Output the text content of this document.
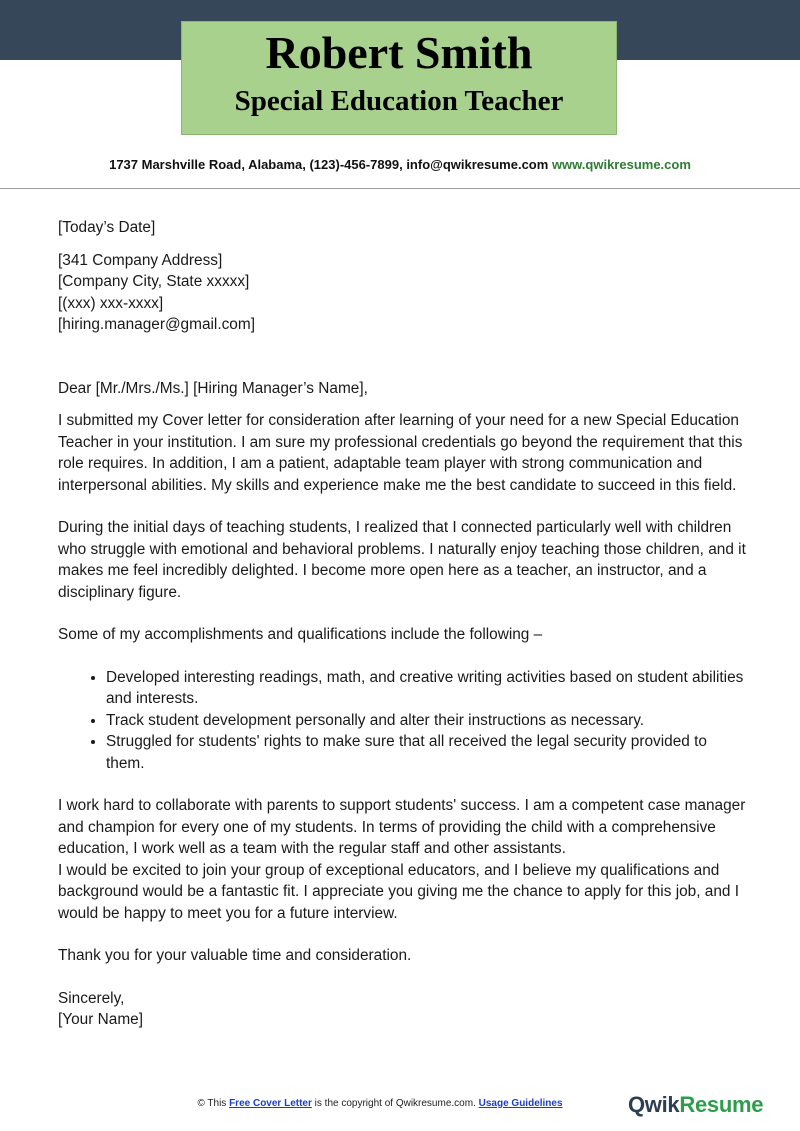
Robert Smith
Special Education Teacher
1737 Marshville Road, Alabama, (123)-456-7899, info@qwikresume.com www.qwikresume.com

[Today’s Date]

[341 Company Address]

[Company City, State xxxxx]

[(xxx) xxx-xxxx]

[hiring.manager@gmail.com]

Dear [Mr./Mrs./Ms.] [Hiring Manager’s Name],

I submitted my Cover letter for consideration after learning of your need for a new Special Education Teacher in your institution. I am sure my professional credentials go beyond the requirement that this role requires. In addition, I am a patient, adaptable team player with strong communication and interpersonal abilities. My skills and experience make me the best candidate to succeed in this field.

During the initial days of teaching students, I realized that I connected particularly well with children who struggle with emotional and behavioral problems. I naturally enjoy teaching those children, and it makes me feel incredibly delighted. I become more open here as a teacher, an instructor, and a disciplinary figure.

Some of my accomplishments and qualifications include the following –

• Developed interesting readings, math, and creative writing activities based on student abilities and interests.
• Track student development personally and alter their instructions as necessary.
• Struggled for students' rights to make sure that all received the legal security provided to them.

I work hard to collaborate with parents to support students' success. I am a competent case manager and champion for every one of my students. In terms of providing the child with a comprehensive education, I work well as a team with the regular staff and other assistants.

I would be excited to join your group of exceptional educators, and I believe my qualifications and background would be a fantastic fit. I appreciate you giving me the chance to apply for this job, and I would be happy to meet you for a future interview.

Thank you for your valuable time and consideration.

Sincerely,

[Your Name]

© This Free Cover Letter is the copyright of Qwikresume.com. Usage Guidelines	QwikResume
